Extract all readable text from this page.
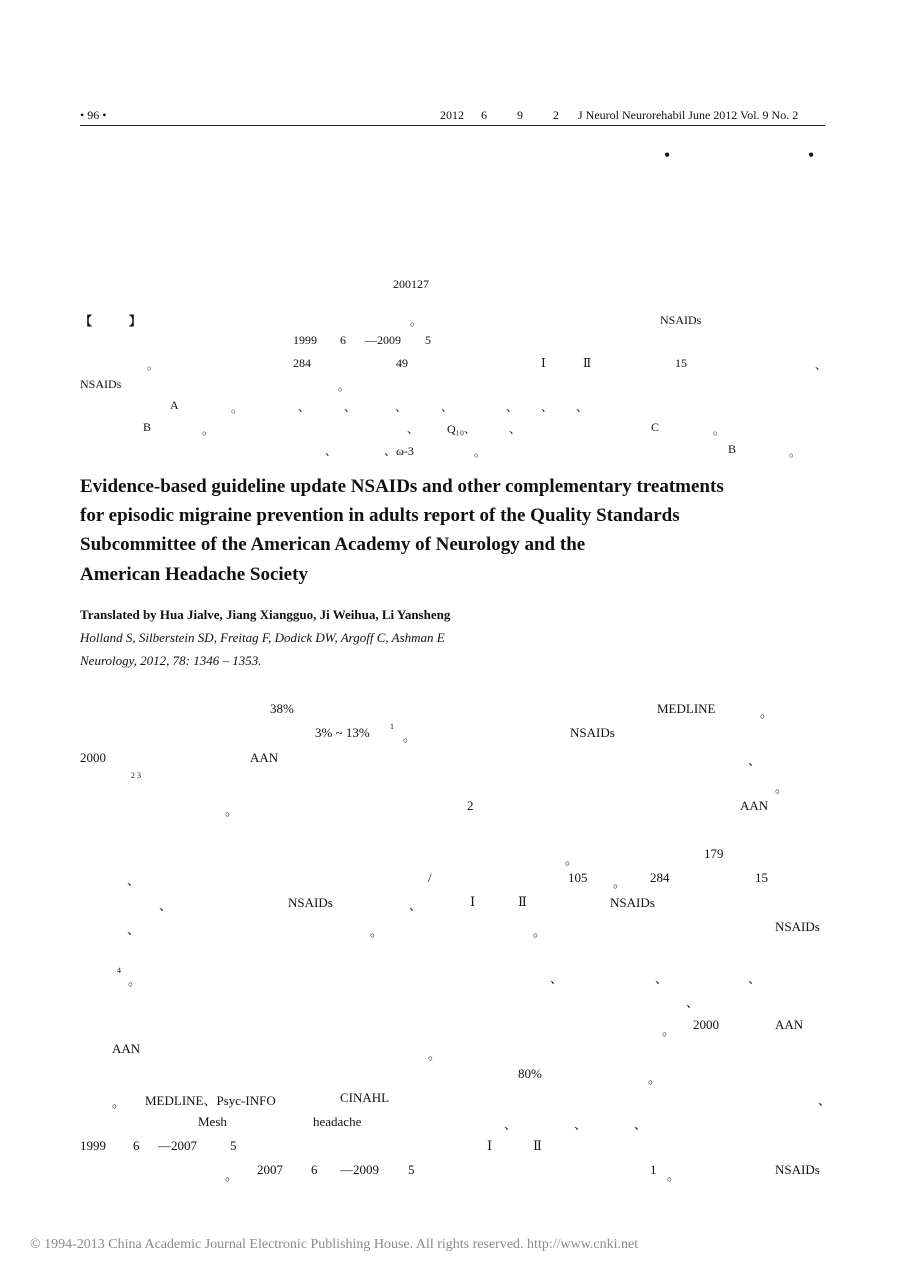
• 96 •	2012 6	9	2 J Neurol Neurorehabil June 2012 Vol. 9 No. 2
•	•
200127
【	】	。	NSAIDs
1999 6 —2009 5
。	284	49	Ⅰ	Ⅱ	15	、
NSAIDs	。
A	。	、	、	、	、	、 、 、
B	。	、 Q₁₀、	、	C	。
、	、ω-3	。	B	。
Evidence-based guideline update NSAIDs and other complementary treatments
for episodic migraine prevention in adults report of the Quality Standards
Subcommittee of the American Academy of Neurology and the
American Headache Society
Translated by Hua Jialve, Jiang Xiangguo, Ji Weihua, Li Yansheng
Holland S, Silberstein SD, Freitag F, Dodick DW, Argoff C, Ashman E
Neurology, 2012, 78: 1346 – 1353.
38%	MEDLINE	。
3% ~ 13%	1
。	NSAIDs
2000	AAN	、
2 3
。
。	2	AAN
。	179
、	/	105 。 284	15
、	NSAIDs	、	Ⅰ	Ⅱ	NSAIDs
、	。	。	NSAIDs
4
。	、	、	、
、
。 2000	AAN
AAN	。
80%	。
。 MEDLINE、Psyc-INFO	CINAHL	、
Mesh	headache	、	、	、
1999 6 —2007	5	Ⅰ	Ⅱ
。 2007 6 —2009 5	1 。	NSAIDs
© 1994-2013 China Academic Journal Electronic Publishing House. All rights reserved. http://www.cnki.net
